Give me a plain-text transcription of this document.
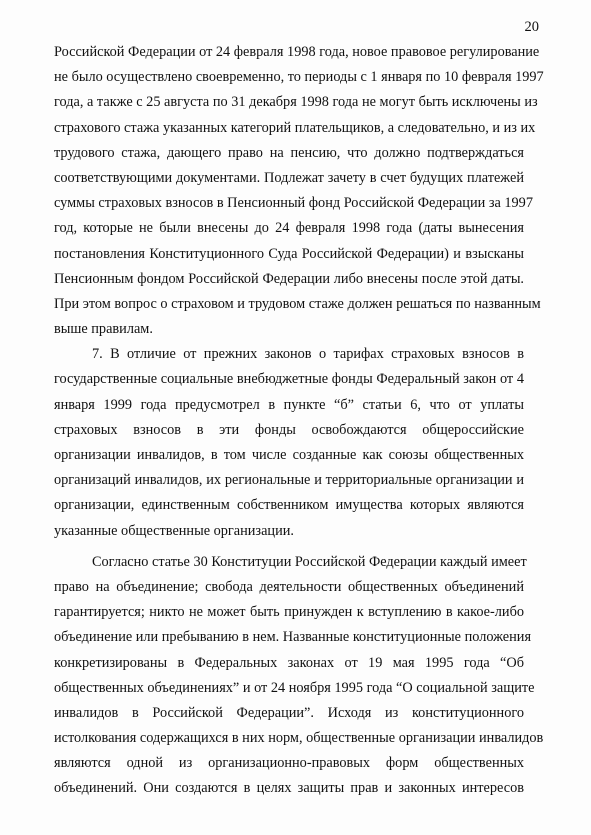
20
Российской Федерации от 24 февраля 1998 года, новое правовое регулирование
не было осуществлено своевременно, то периоды с 1 января по 10 февраля 1997
года, а также с 25 августа по 31 декабря 1998 года не могут быть исключены из
страхового стажа указанных категорий плательщиков, а следовательно, и из их
трудового стажа, дающего право на пенсию, что должно подтверждаться
соответствующими документами. Подлежат зачету в счет будущих платежей
суммы страховых взносов в Пенсионный фонд Российской Федерации за 1997
год, которые не были внесены до 24 февраля 1998 года (даты вынесения
постановления Конституционного Суда Российской Федерации) и взысканы
Пенсионным фондом Российской Федерации либо внесены после этой даты.
При этом вопрос о страховом и трудовом стаже должен решаться по названным
выше правилам.
7. В отличие от прежних законов о тарифах страховых взносов в
государственные социальные внебюджетные фонды Федеральный закон от 4
января 1999 года предусмотрел в пункте “б” статьи 6, что от уплаты
страховых взносов в эти фонды освобождаются общероссийские
организации инвалидов, в том числе созданные как союзы общественных
организаций инвалидов, их региональные и территориальные организации и
организации, единственным собственником имущества которых являются
указанные общественные организации.
Согласно статье 30 Конституции Российской Федерации каждый имеет
право на объединение; свобода деятельности общественных объединений
гарантируется; никто не может быть принужден к вступлению в какое-либо
объединение или пребыванию в нем. Названные конституционные положения
конкретизированы в Федеральных законах от 19 мая 1995 года “Об
общественных объединениях” и от 24 ноября 1995 года “О социальной защите
инвалидов в Российской Федерации”. Исходя из конституционного
истолкования содержащихся в них норм, общественные организации инвалидов
являются одной из организационно-правовых форм общественных
объединений. Они создаются в целях защиты прав и законных интересов
